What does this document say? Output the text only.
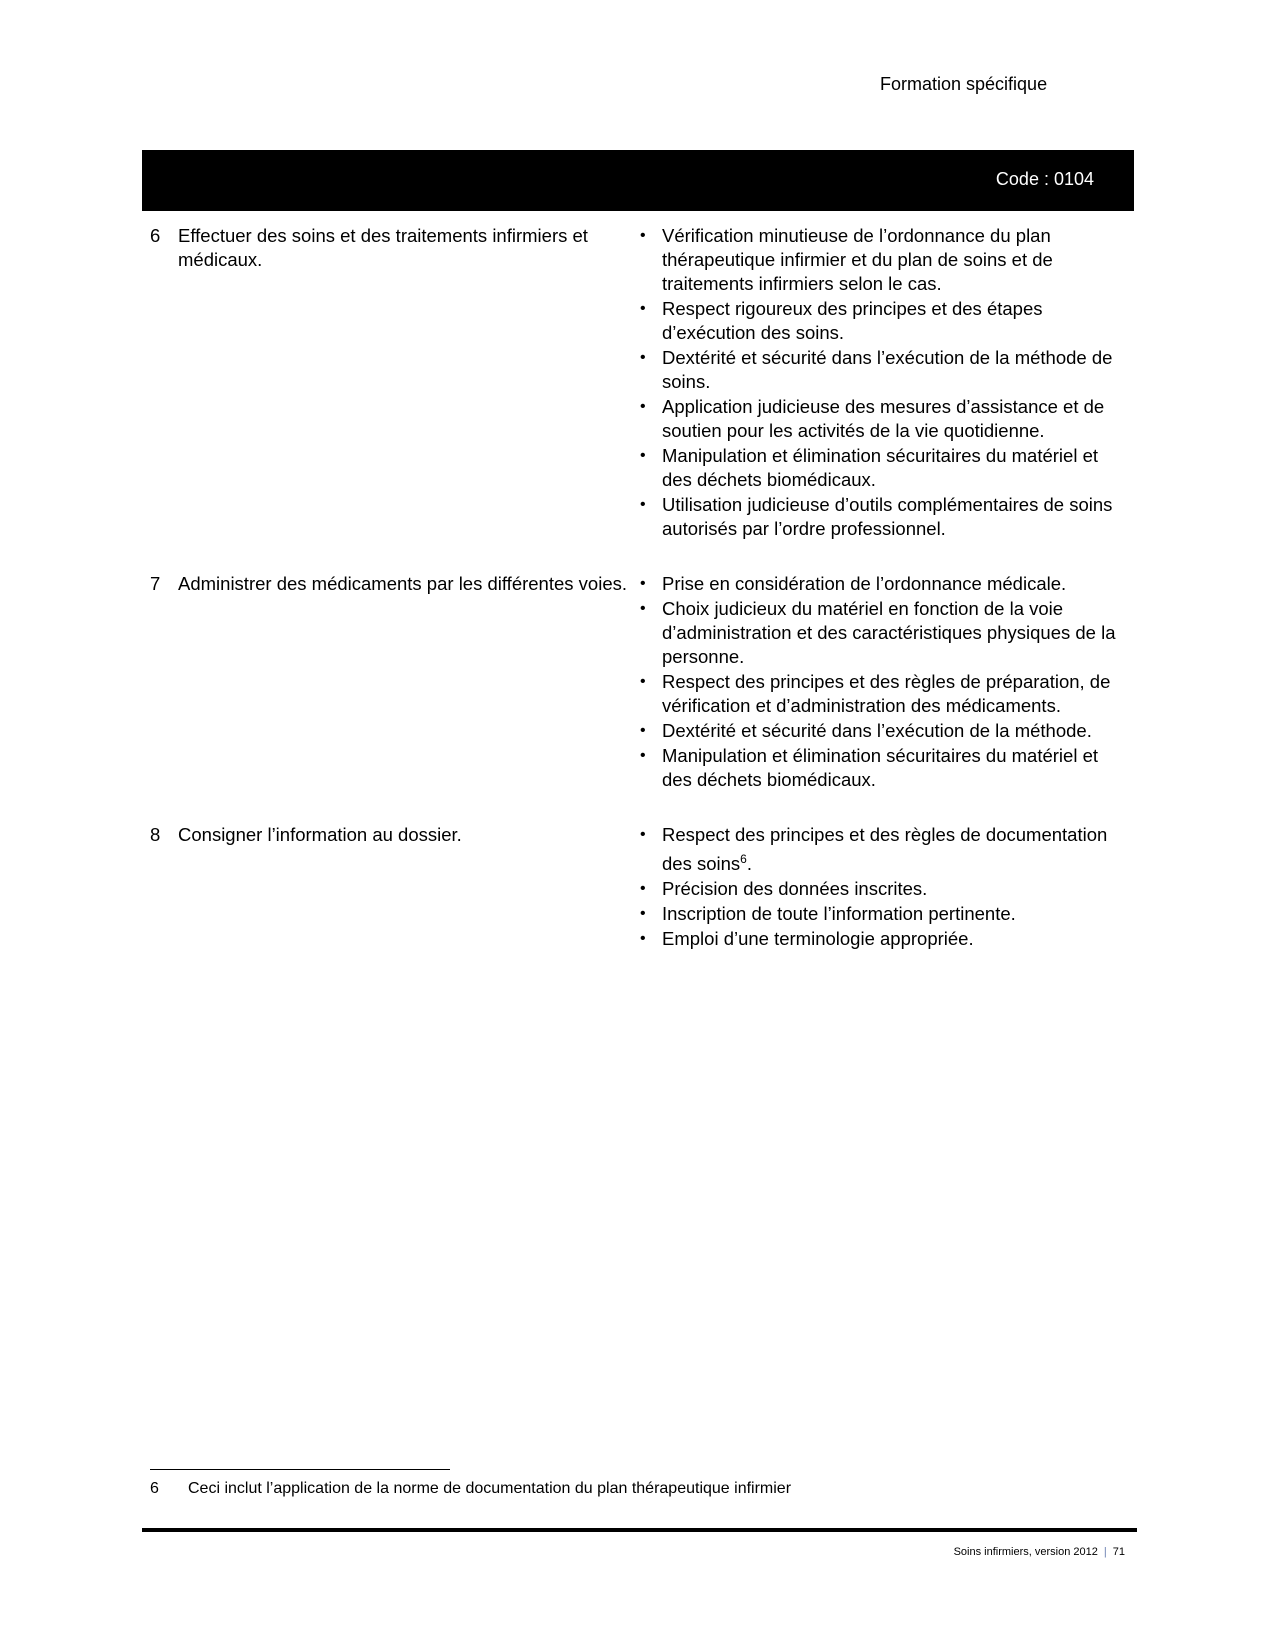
Formation spécifique
Code : 0104
6 Effectuer des soins et des traitements infirmiers et médicaux.
• Vérification minutieuse de l’ordonnance du plan thérapeutique infirmier et du plan de soins et de traitements infirmiers selon le cas.
• Respect rigoureux des principes et des étapes d’exécution des soins.
• Dextérité et sécurité dans l’exécution de la méthode de soins.
• Application judicieuse des mesures d’assistance et de soutien pour les activités de la vie quotidienne.
• Manipulation et élimination sécuritaires du matériel et des déchets biomédicaux.
• Utilisation judicieuse d’outils complémentaires de soins autorisés par l’ordre professionnel.
7 Administrer des médicaments par les différentes voies. • Prise en considération de l’ordonnance médicale.
• Choix judicieux du matériel en fonction de la voie d’administration et des caractéristiques physiques de la personne.
• Respect des principes et des règles de préparation, de vérification et d’administration des médicaments.
• Dextérité et sécurité dans l’exécution de la méthode.
• Manipulation et élimination sécuritaires du matériel et des déchets biomédicaux.
8 Consigner l’information au dossier.	• Respect des principes et des règles de documentation des soins$^6$.
• Précision des données inscrites.
• Inscription de toute l’information pertinente.
• Emploi d’une terminologie appropriée.
6 Ceci inclut l’application de la norme de documentation du plan thérapeutique infirmier
Soins infirmiers, version 2012 | 71
